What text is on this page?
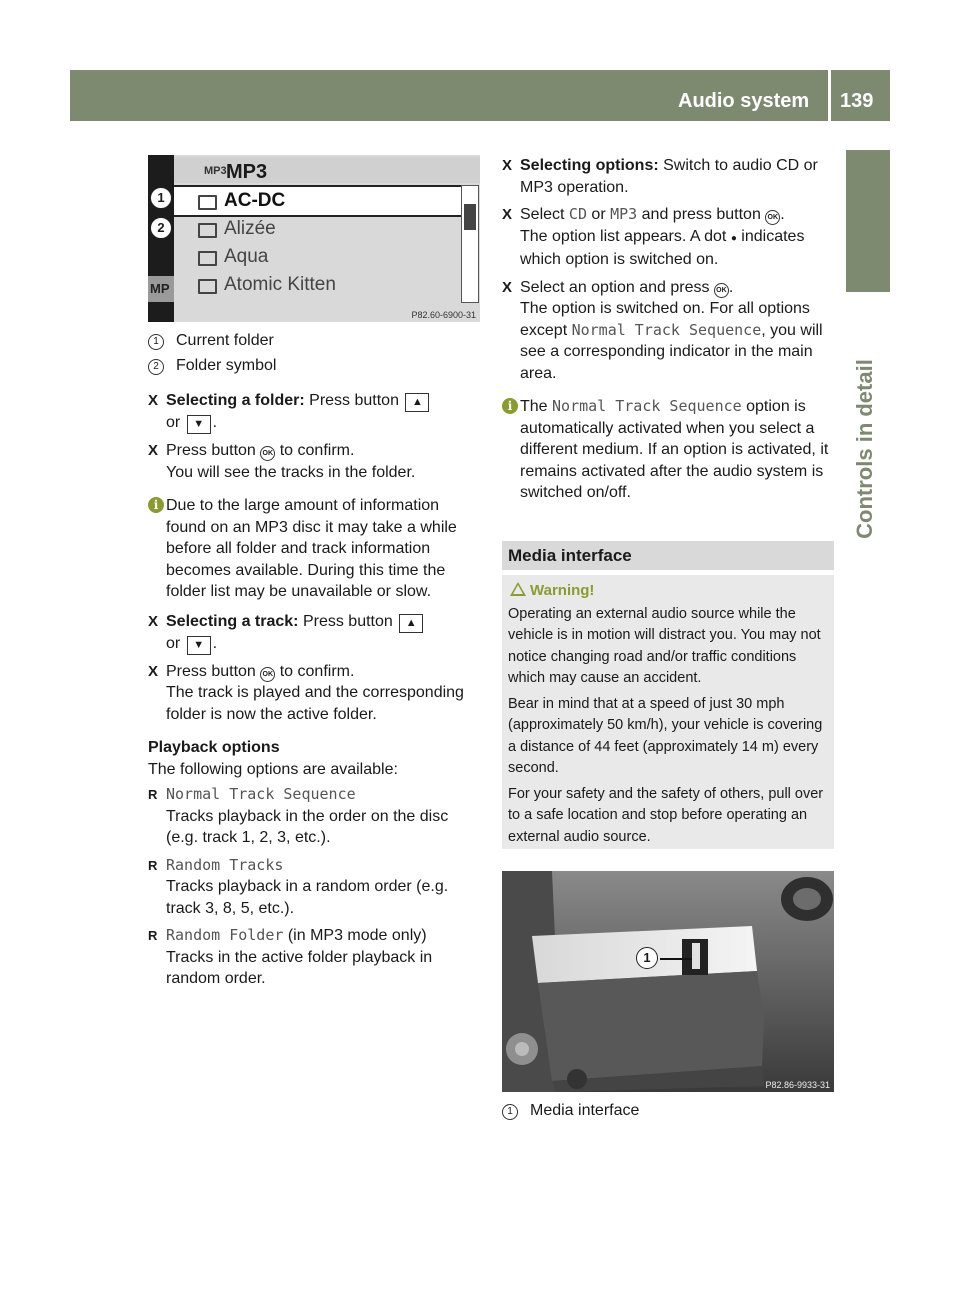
Audio system 139
Controls in detail
MP3 MP3
AC-DC
Alizée
Aqua
Atomic Kitten
MP
1
2
P82.60-6900-31
1 Current folder
2 Folder symbol
X Selecting a folder: Press button ▲
or ▼ .
X Press button OK to confirm.
You will see the tracks in the folder.
i Due to the large amount of information found on an MP3 disc it may take a while before all folder and track information becomes available. During this time the folder list may be unavailable or slow.
X Selecting a track: Press button ▲
or ▼ .
X Press button OK to confirm.
The track is played and the corresponding folder is now the active folder.
Playback options
The following options are available:
R Normal Track Sequence
Tracks playback in the order on the disc (e.g. track 1, 2, 3, etc.).
R Random Tracks
Tracks playback in a random order (e.g. track 3, 8, 5, etc.).
R Random Folder (in MP3 mode only)
Tracks in the active folder playback in random order.
X Selecting options: Switch to audio CD or MP3 operation.
X Select CD or MP3 and press button OK .
The option list appears. A dot ● indicates which option is switched on.
X Select an option and press OK .
The option is switched on. For all options except Normal Track Sequence, you will see a corresponding indicator in the main area.
i The Normal Track Sequence option is automatically activated when you select a different medium. If an option is activated, it remains activated after the audio system is switched on/off.
Media interface
Warning!
Operating an external audio source while the vehicle is in motion will distract you. You may not notice changing road and/or traffic conditions which may cause an accident.
Bear in mind that at a speed of just 30 mph (approximately 50 km/h), your vehicle is covering a distance of 44 feet (approximately 14 m) every second.
For your safety and the safety of others, pull over to a safe location and stop before operating an external audio source.
1
P82.86-9933-31
1 Media interface
